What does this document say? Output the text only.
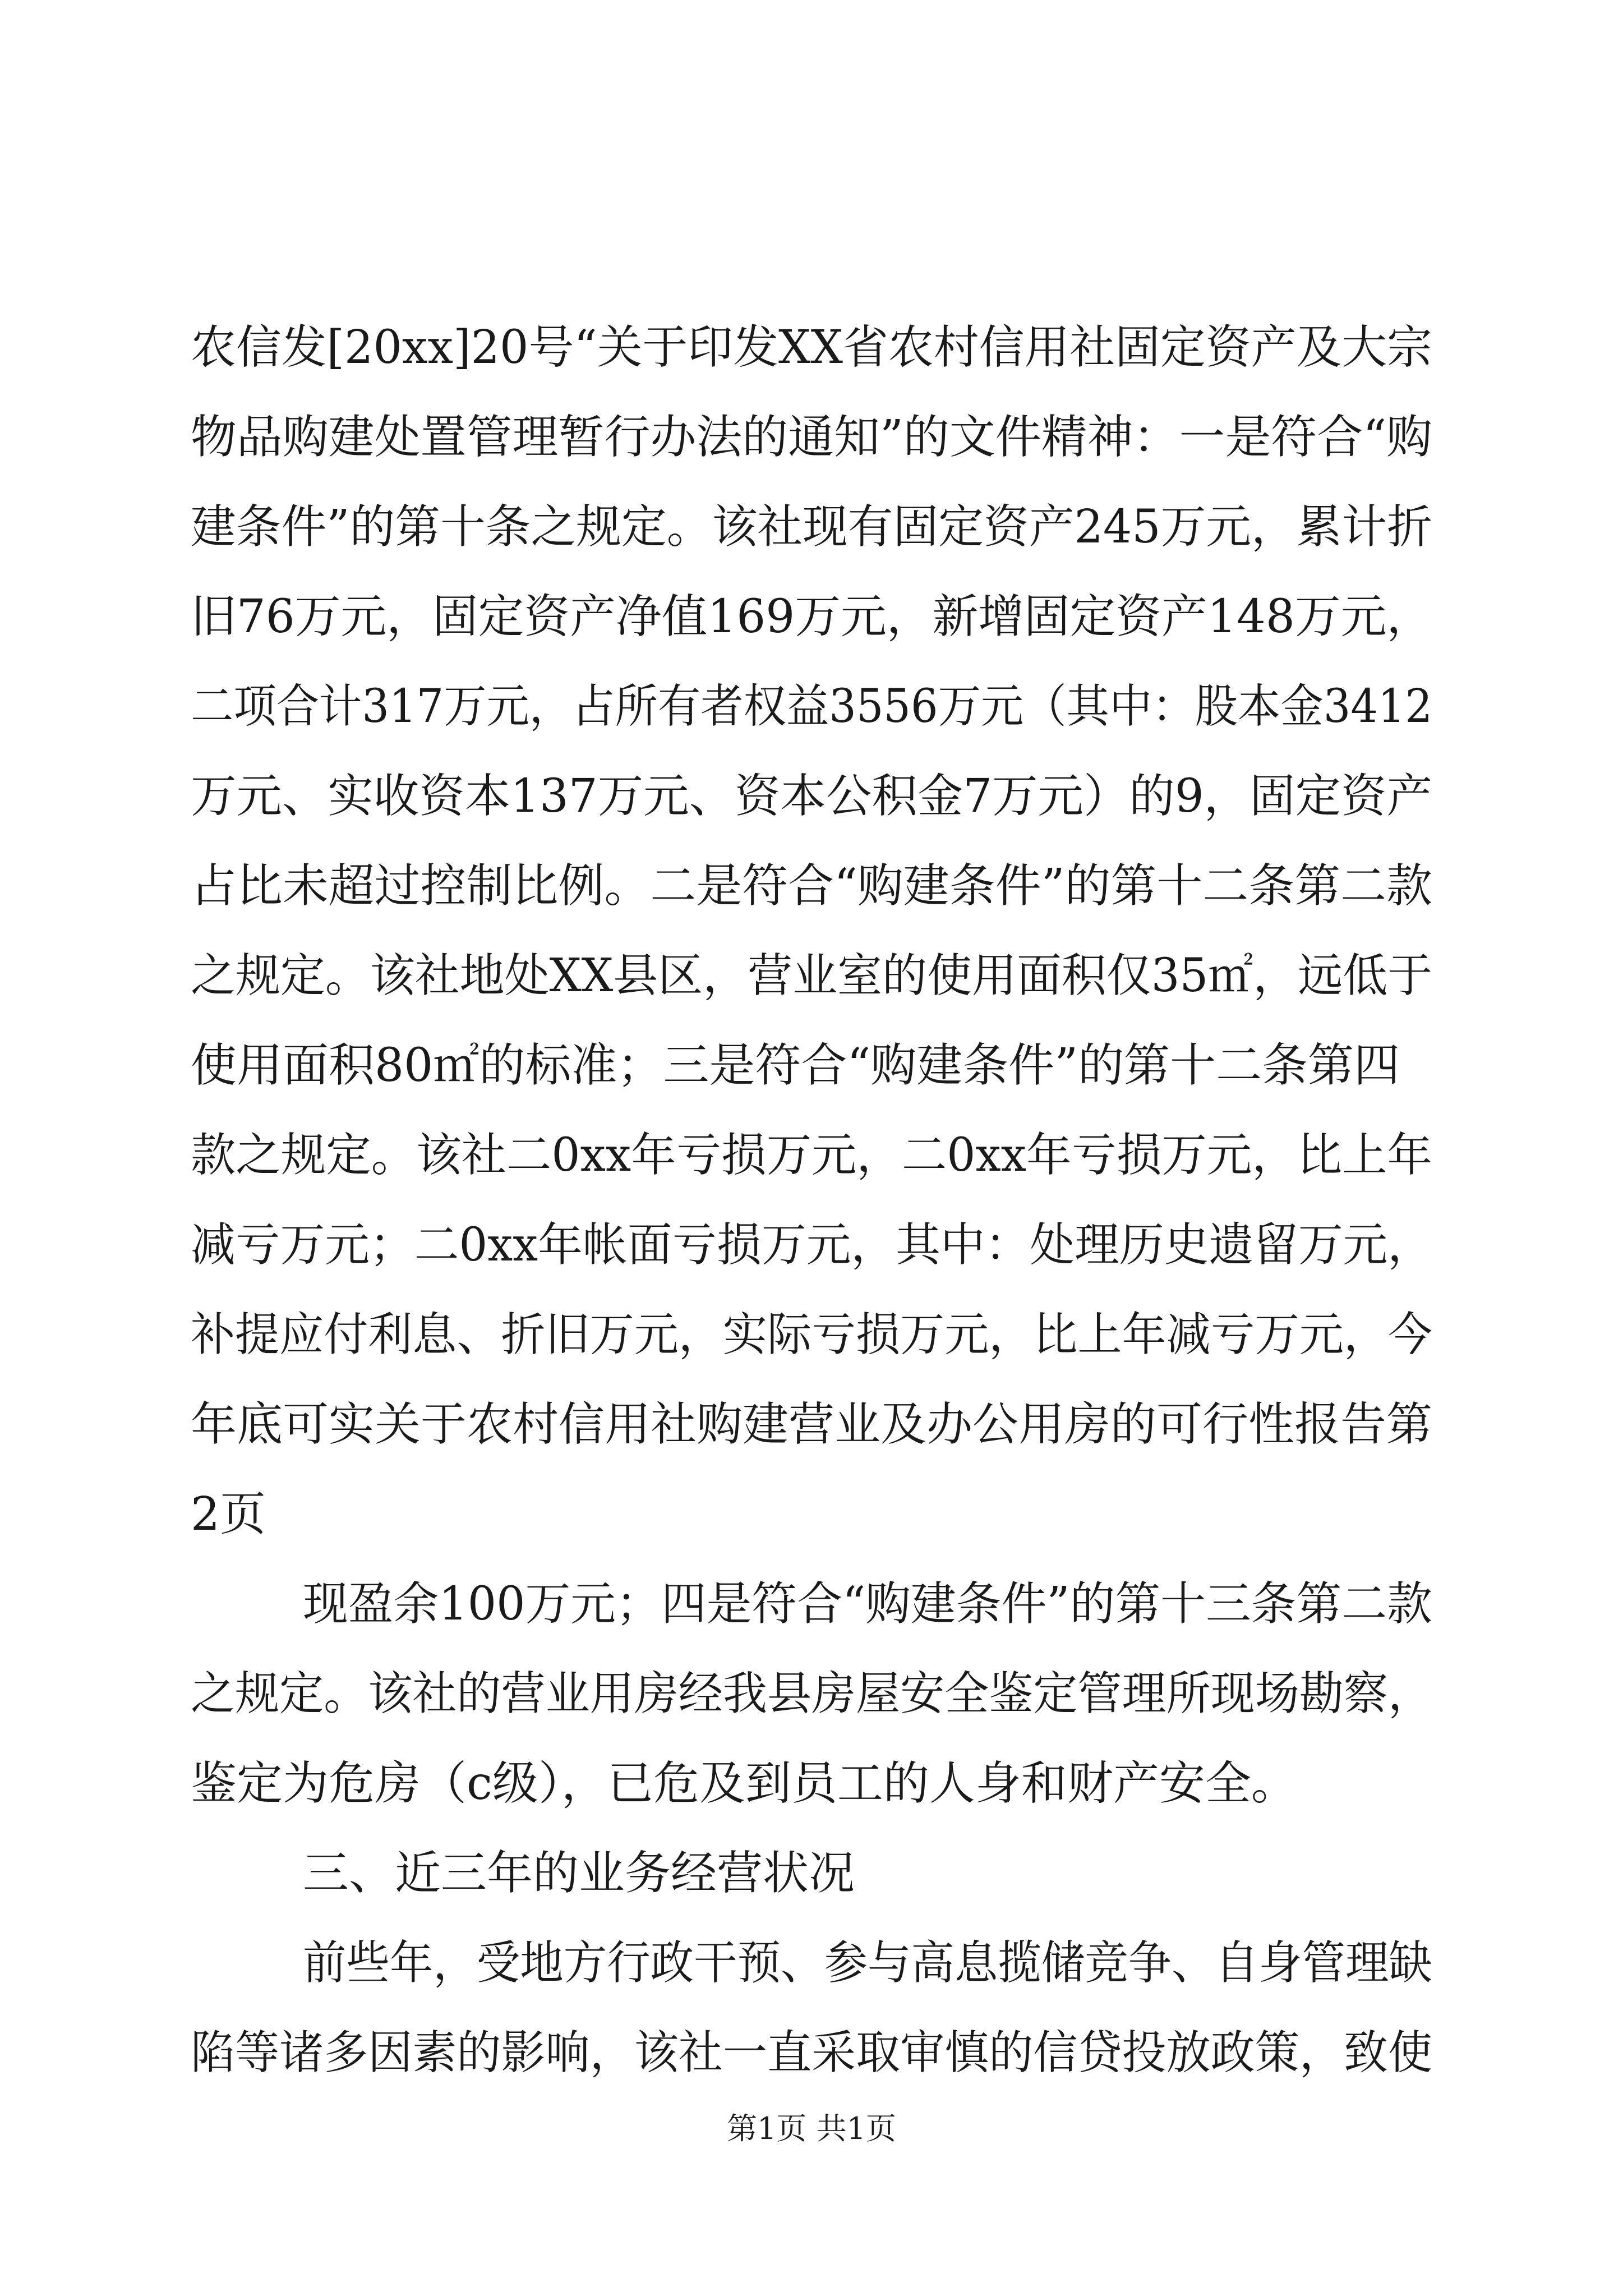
农信发[20xx]20号“关于印发XX省农村信用社固定资产及大宗
物品购建处置管理暂行办法的通知”的文件精神：一是符合“购
建条件”的第十条之规定。该社现有固定资产245万元，累计折
旧76万元，固定资产净值169万元，新增固定资产148万元，
二项合计317万元，占所有者权益3556万元（其中：股本金3412
万元、实收资本137万元、资本公积金7万元）的9，固定资产
占比未超过控制比例。二是符合“购建条件”的第十二条第二款
之规定。该社地处XX县区，营业室的使用面积仅35㎡，远低于
使用面积80㎡的标准；三是符合“购建条件”的第十二条第四
款之规定。该社二0xx年亏损万元，二0xx年亏损万元，比上年
减亏万元；二0xx年帐面亏损万元，其中：处理历史遗留万元，
补提应付利息、折旧万元，实际亏损万元，比上年减亏万元，今
年底可实关于农村信用社购建营业及办公用房的可行性报告第
2页
现盈余100万元；四是符合“购建条件”的第十三条第二款
之规定。该社的营业用房经我县房屋安全鉴定管理所现场勘察，
鉴定为危房（c级），已危及到员工的人身和财产安全。
三、近三年的业务经营状况
前些年，受地方行政干预、参与高息揽储竞争、自身管理缺
陷等诸多因素的影响，该社一直采取审慎的信贷投放政策，致使
第1页 共1页
